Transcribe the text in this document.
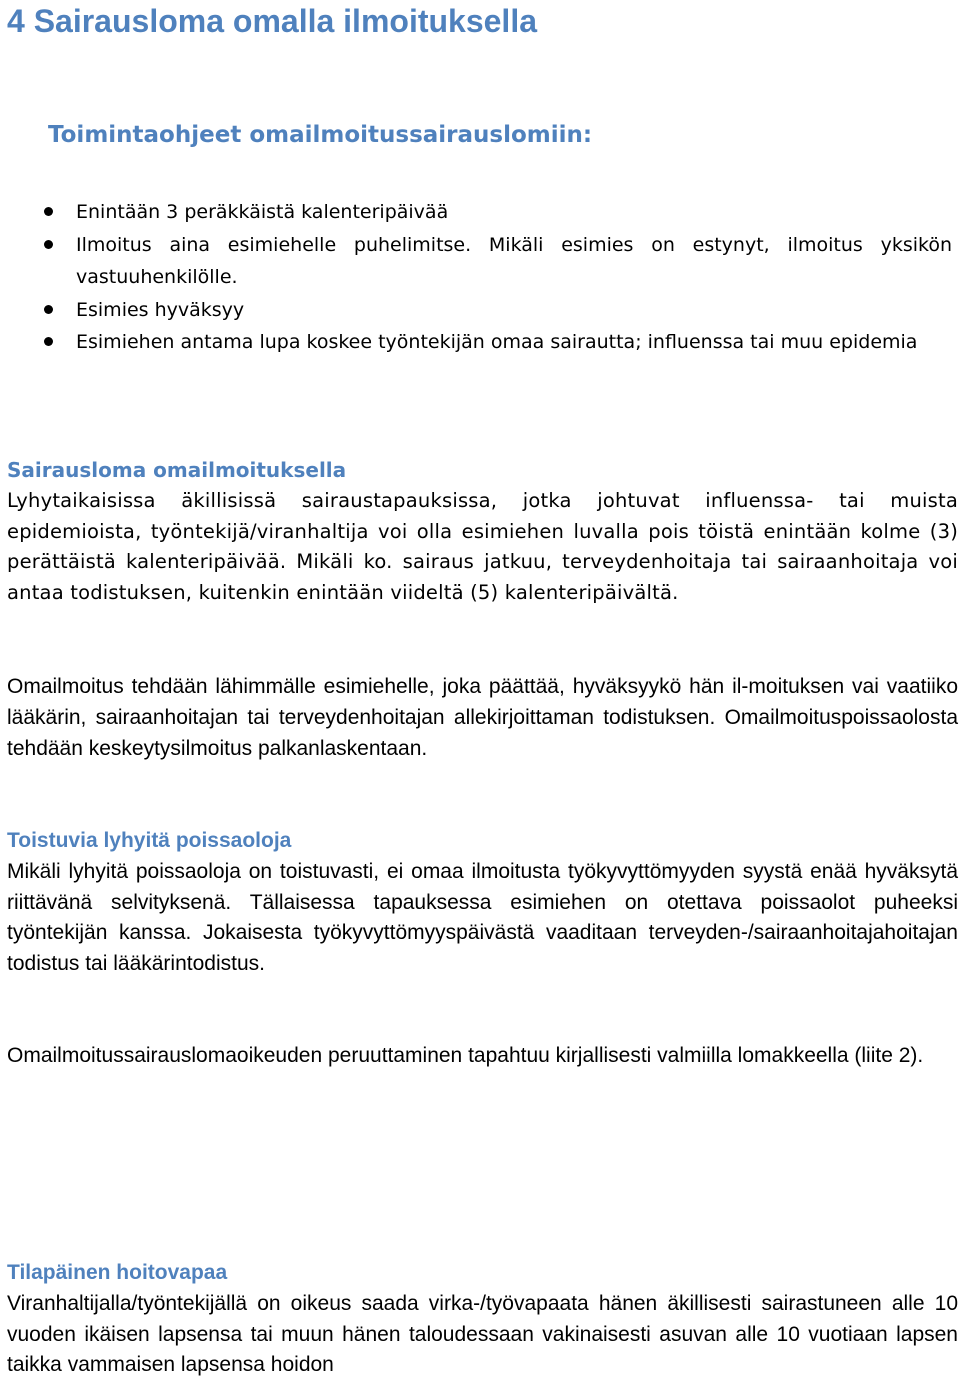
4 Sairausloma omalla ilmoituksella
Toimintaohjeet omailmoitussairauslomiin:
Enintään 3 peräkkäistä kalenteripäivää
Ilmoitus aina esimiehelle puhelimitse. Mikäli esimies on estynyt, ilmoitus yksikön vastuuhenkilölle.
Esimies hyväksyy
Esimiehen antama lupa koskee työntekijän omaa sairautta; influenssa tai muu epidemia
Sairausloma omailmoituksella

Lyhytaikaisissa äkillisissä sairaustapauksissa, jotka johtuvat influenssa- tai muista epidemioista, työntekijä/viranhaltija voi olla esimiehen luvalla pois töistä enintään kolme (3) perättäistä kalenteripäivää. Mikäli ko. sairaus jatkuu, terveydenhoitaja tai sairaanhoitaja voi antaa todistuksen, kuitenkin enintään viideltä (5) kalenteripäivältä.

Omailmoitus tehdään lähimmälle esimiehelle, joka päättää, hyväksyykö hän il-moituksen vai vaatiiko lääkärin, sairaanhoitajan tai terveydenhoitajan allekirjoittaman todistuksen. Omailmoituspoissaolosta tehdään keskeytysilmoitus palkanlaskentaan.

Toistuvia lyhyitä poissaoloja

Mikäli lyhyitä poissaoloja on toistuvasti, ei omaa ilmoitusta työkyvyttömyyden syystä enää hyväksytä riittävänä selvityksenä. Tällaisessa tapauksessa esimiehen on otettava poissaolot puheeksi työntekijän kanssa. Jokaisesta työkyvyttömyyspäivästä vaaditaan terveyden-/sairaanhoitajahoitajan todistus tai lääkärintodistus.

Omailmoitussairauslomaoikeuden peruuttaminen tapahtuu kirjallisesti valmiilla lomakkeella (liite 2).

Tilapäinen hoitovapaa

Viranhaltijalla/työntekijällä on oikeus saada virka-/työvapaata hänen äkillisesti sairastuneen alle 10 vuoden ikäisen lapsensa tai muun hänen taloudessaan vakinaisesti asuvan alle 10 vuotiaan lapsen taikka vammaisen lapsensa hoidon
